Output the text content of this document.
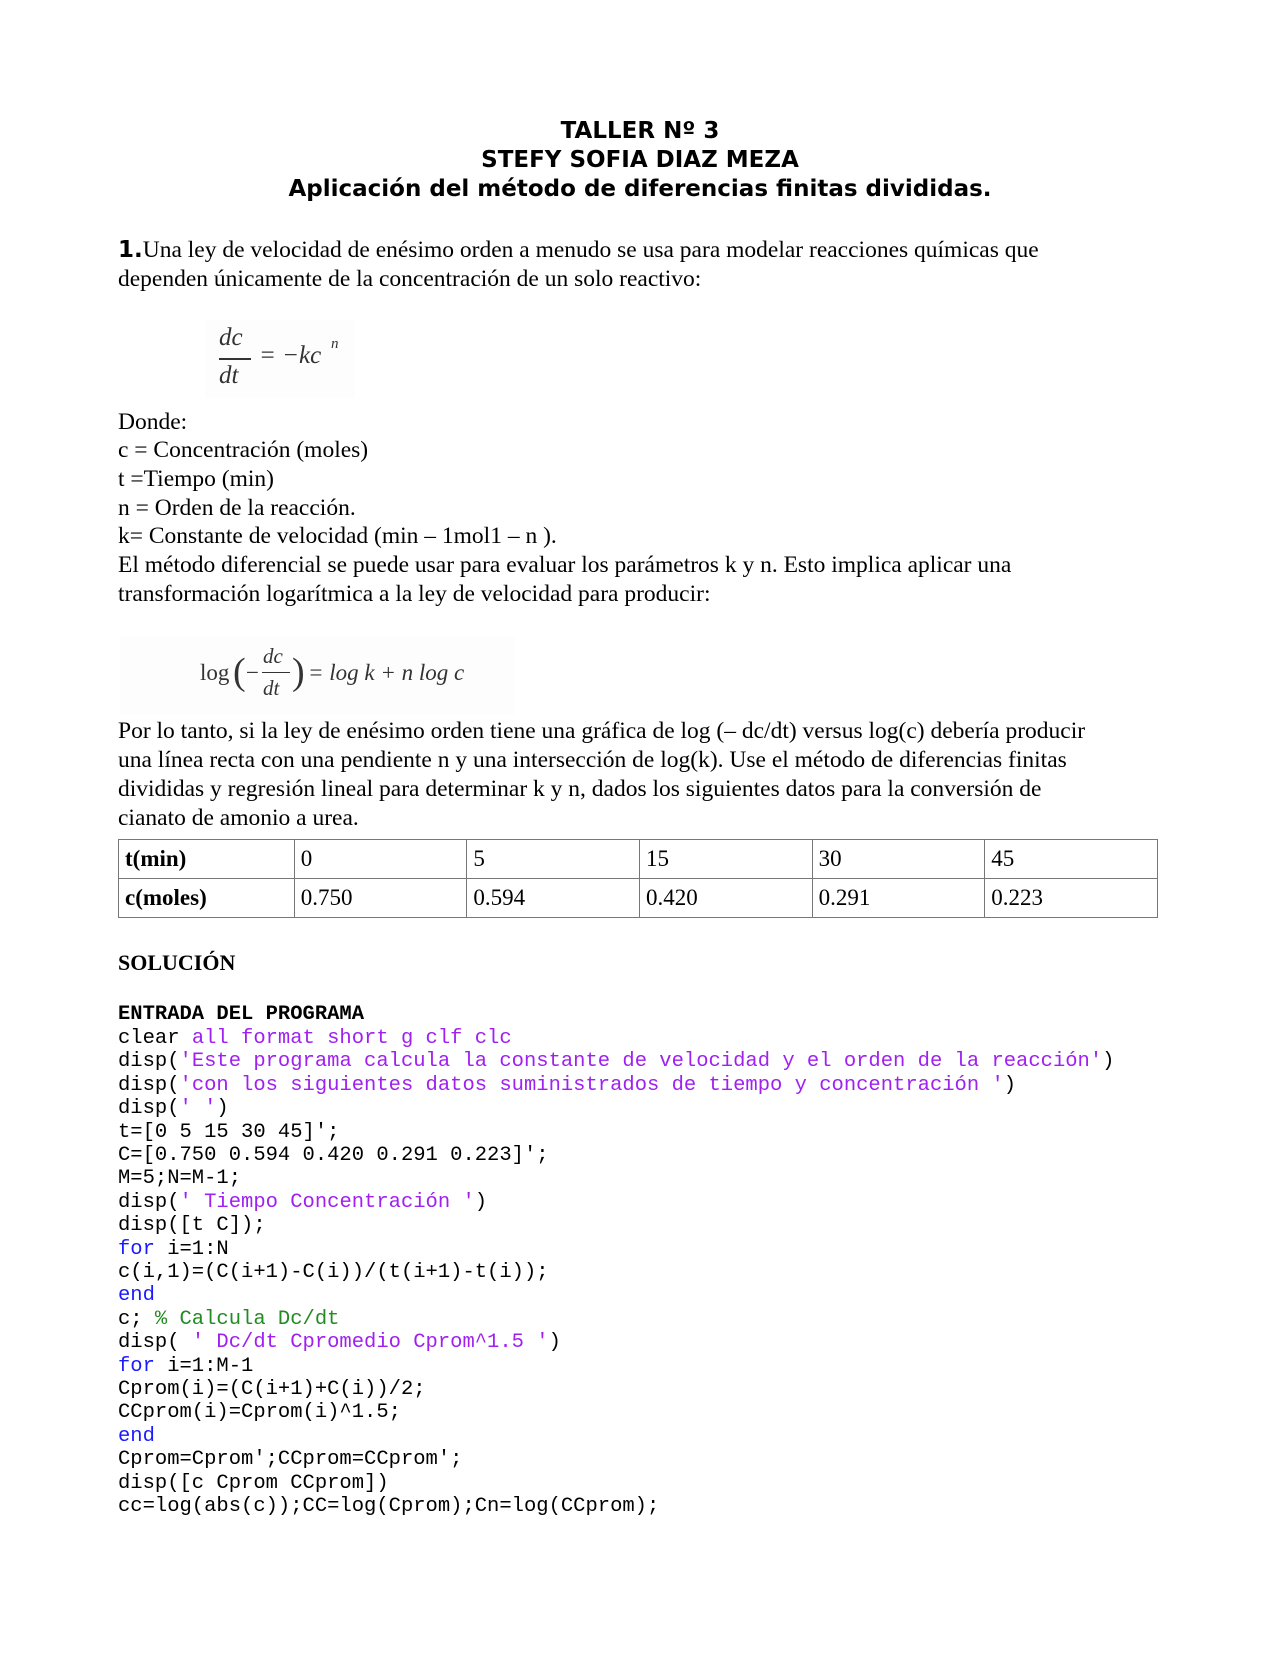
TALLER Nº 3
STEFY SOFIA DIAZ MEZA
Aplicación del método de diferencias finitas divididas.
1.Una ley de velocidad de enésimo orden a menudo se usa para modelar reacciones químicas que
dependen únicamente de la concentración de un solo reactivo:
dc
dt
= −kc n
Donde:
c = Concentración (moles)
t =Tiempo (min)
n = Orden de la reacción.
k= Constante de velocidad (min – 1mol1 – n ).
El método diferencial se puede usar para evaluar los parámetros k y n. Esto implica aplicar una
transformación logarítmica a la ley de velocidad para producir:
log ( −
dc
dt ) = log k + n log c
Por lo tanto, si la ley de enésimo orden tiene una gráfica de log (– dc/dt) versus log(c) debería producir
una línea recta con una pendiente n y una intersección de log(k). Use el método de diferencias finitas
divididas y regresión lineal para determinar k y n, dados los siguientes datos para la conversión de
cianato de amonio a urea.
t(min)	0	5	15	30	45
c(moles)	0.750	0.594	0.420	0.291	0.223
SOLUCIÓN
ENTRADA DEL PROGRAMA
clear all format short g clf clc
disp('Este programa calcula la constante de velocidad y el orden de la reacción')
disp('con los siguientes datos suministrados de tiempo y concentración ')
disp(' ')
t=[0 5 15 30 45]';
C=[0.750 0.594 0.420 0.291 0.223]';
M=5;N=M-1;
disp(' Tiempo Concentración ')
disp([t C]);
for i=1:N
c(i,1)=(C(i+1)-C(i))/(t(i+1)-t(i));
end
c; % Calcula Dc/dt
disp( ' Dc/dt Cpromedio Cprom^1.5 ')
for i=1:M-1
Cprom(i)=(C(i+1)+C(i))/2;
CCprom(i)=Cprom(i)^1.5;
end
Cprom=Cprom';CCprom=CCprom';
disp([c Cprom CCprom])
cc=log(abs(c));CC=log(Cprom);Cn=log(CCprom);
